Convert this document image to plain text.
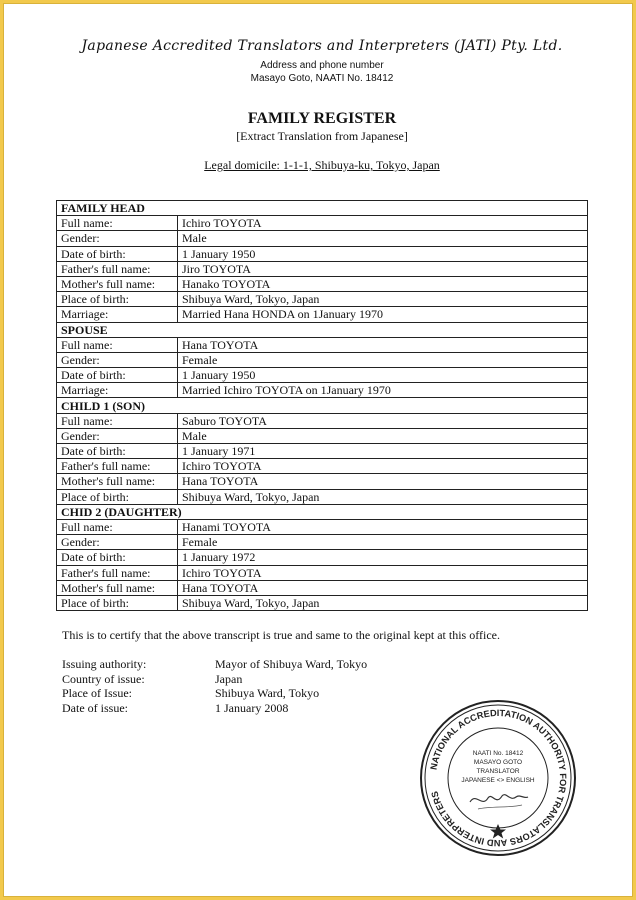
Japanese Accredited Translators and Interpreters (JATI) Pty. Ltd.
Address and phone number
Masayo Goto, NAATI No. 18412
FAMILY REGISTER
[Extract Translation from Japanese]
Legal domicile: 1-1-1, Shibuya-ku, Tokyo, Japan
FAMILY HEAD	
Full name:	Ichiro TOYOTA
Gender:	Male
Date of birth:	1 January 1950
Father's full name:	Jiro TOYOTA
Mother's full name:	Hanako TOYOTA
Place of birth:	Shibuya Ward, Tokyo, Japan
Marriage:	Married Hana HONDA on 1January 1970
SPOUSE	
Full name:	Hana TOYOTA
Gender:	Female
Date of birth:	1 January 1950
Marriage:	Married Ichiro TOYOTA on 1January 1970
CHILD 1 (SON)	
Full name:	Saburo TOYOTA
Gender:	Male
Date of birth:	1 January 1971
Father's full name:	Ichiro TOYOTA
Mother's full name:	Hana TOYOTA
Place of birth:	Shibuya Ward, Tokyo, Japan
CHID 2 (DAUGHTER)	
Full name:	Hanami TOYOTA
Gender:	Female
Date of birth:	1 January 1972
Father's full name:	Ichiro TOYOTA
Mother's full name:	Hana TOYOTA
Place of birth:	Shibuya Ward, Tokyo, Japan
This is to certify that the above transcript is true and same to the original kept at this office.
Issuing authority:	Mayor of Shibuya Ward, Tokyo
Country of issue:	Japan
Place of Issue:	Shibuya Ward, Tokyo
Date of issue:	1 January 2008
NATIONAL ACCREDITATION AUTHORITY FOR TRANSLATORS AND INTERPRETERS
NAATI No. 18412
MASAYO GOTO
TRANSLATOR
JAPANESE <> ENGLISH
